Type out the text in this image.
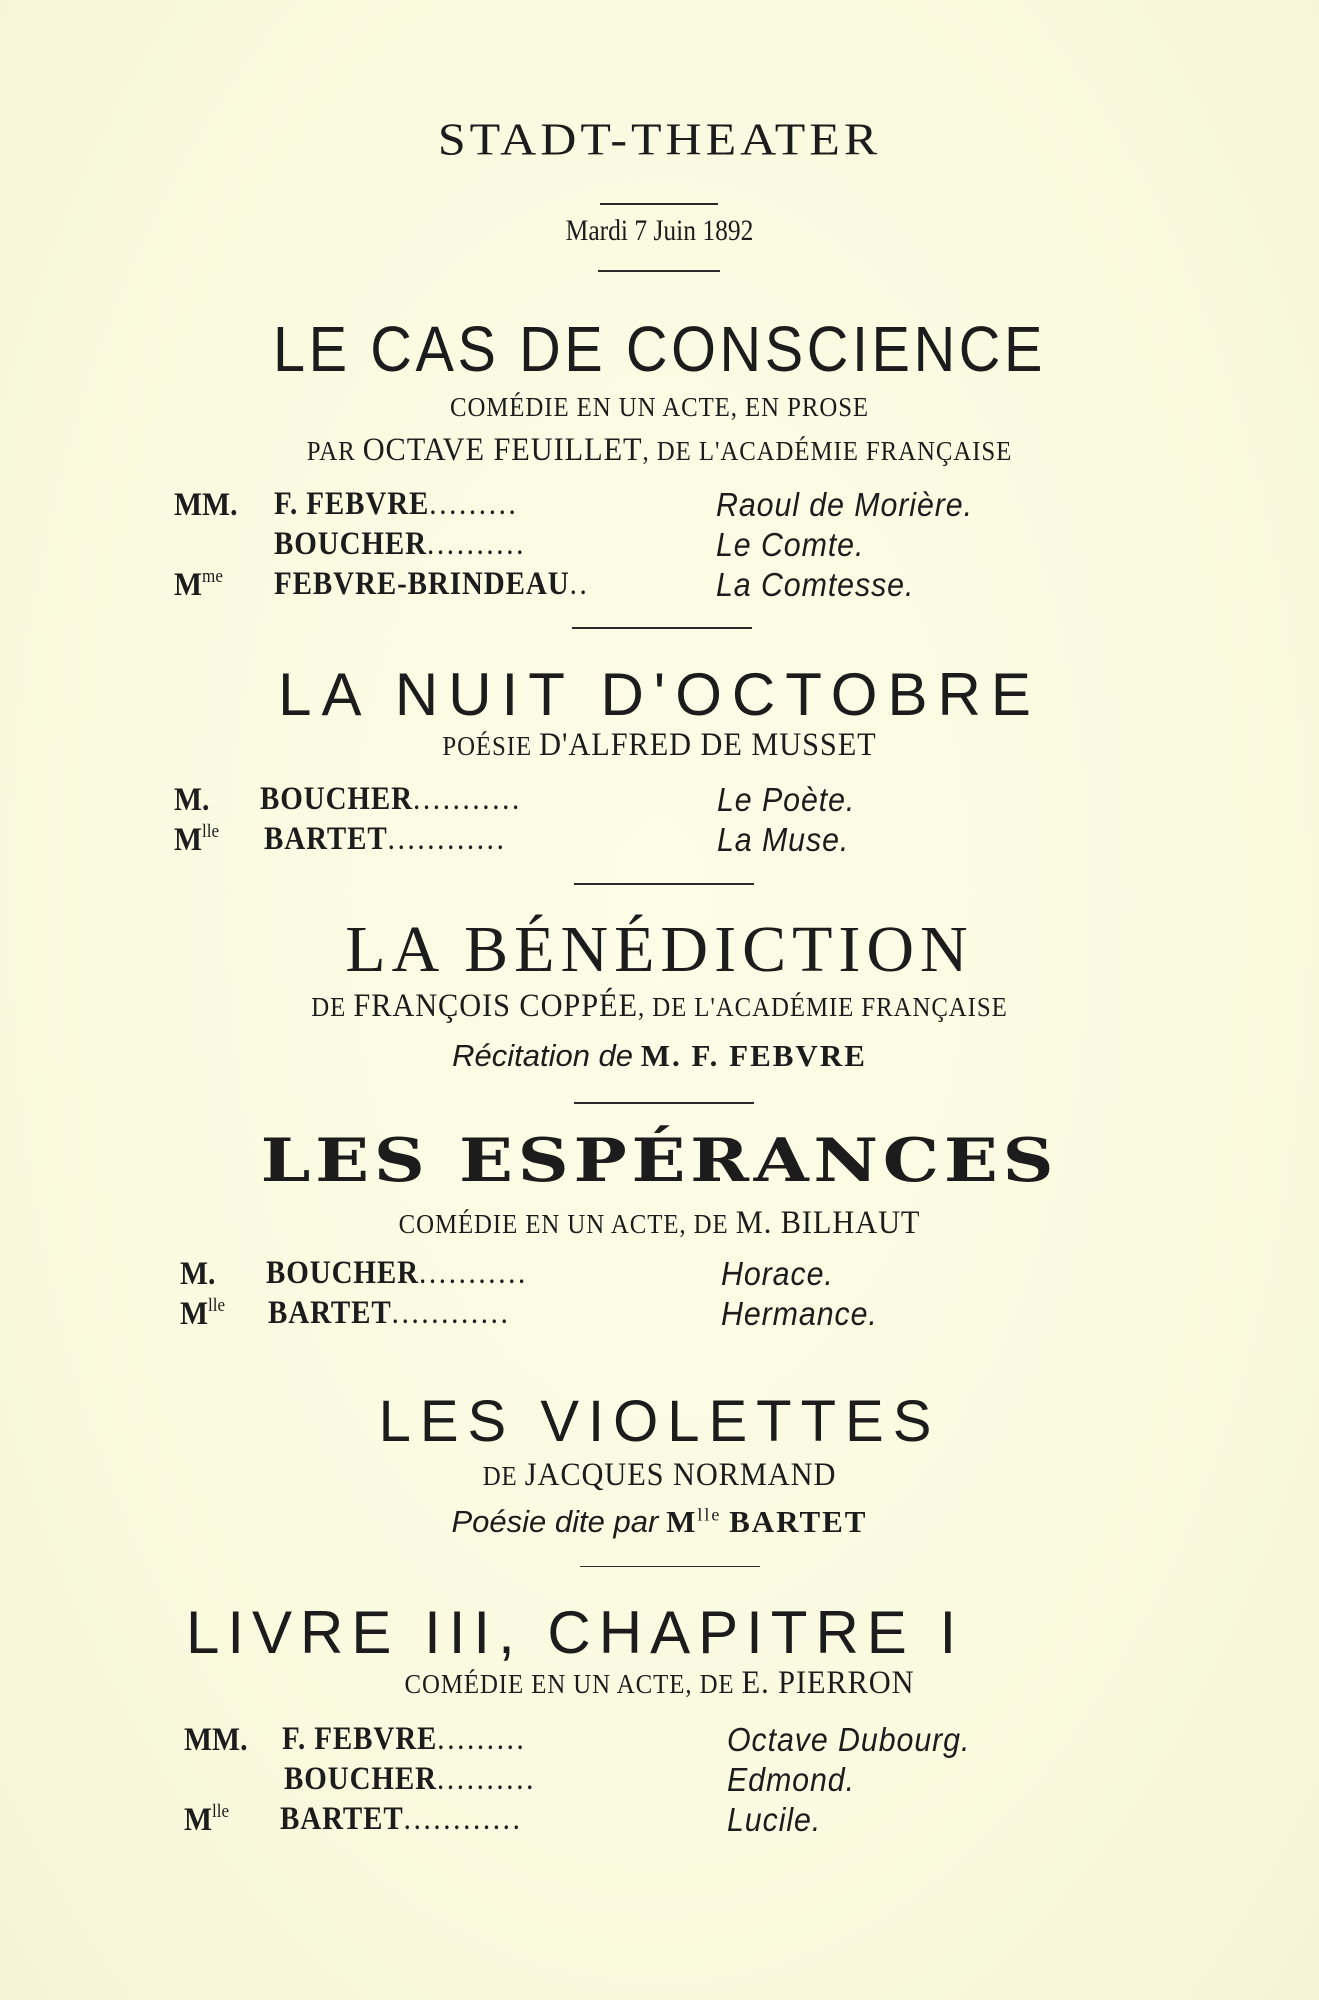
STADT-THEATER
Mardi 7 Juin 1892
LE CAS DE CONSCIENCE
COMÉDIE EN UN ACTE, EN PROSE
PAR OCTAVE FEUILLET, DE L'ACADÉMIE FRANÇAISE
MM. F. FEBVRE.........	Raoul de Morière.
BOUCHER..........	Le Comte.
$M^{me}$ FEBVRE-BRINDEAU..	La Comtesse.
LA NUIT D'OCTOBRE
POÉSIE D'ALFRED DE MUSSET
M. BOUCHER...........	Le Poète.
$M^{lle}$ BARTET............	La Muse.
LA BÉNÉDICTION
DE FRANÇOIS COPPÉE, DE L'ACADÉMIE FRANÇAISE
Récitation de M. F. FEBVRE
LES ESPÉRANCES
COMÉDIE EN UN ACTE, DE M. BILHAUT
M. BOUCHER...........	Horace.
$M^{lle}$ BARTET............	Hermance.
LES VIOLETTES
DE JACQUES NORMAND
Poésie dite par $M^{lle}$ BARTET
LIVRE III, CHAPITRE I
COMÉDIE EN UN ACTE, DE E. PIERRON
MM. F. FEBVRE.........	Octave Dubourg.
BOUCHER..........	Edmond.
$M^{lle}$ BARTET............	Lucile.
